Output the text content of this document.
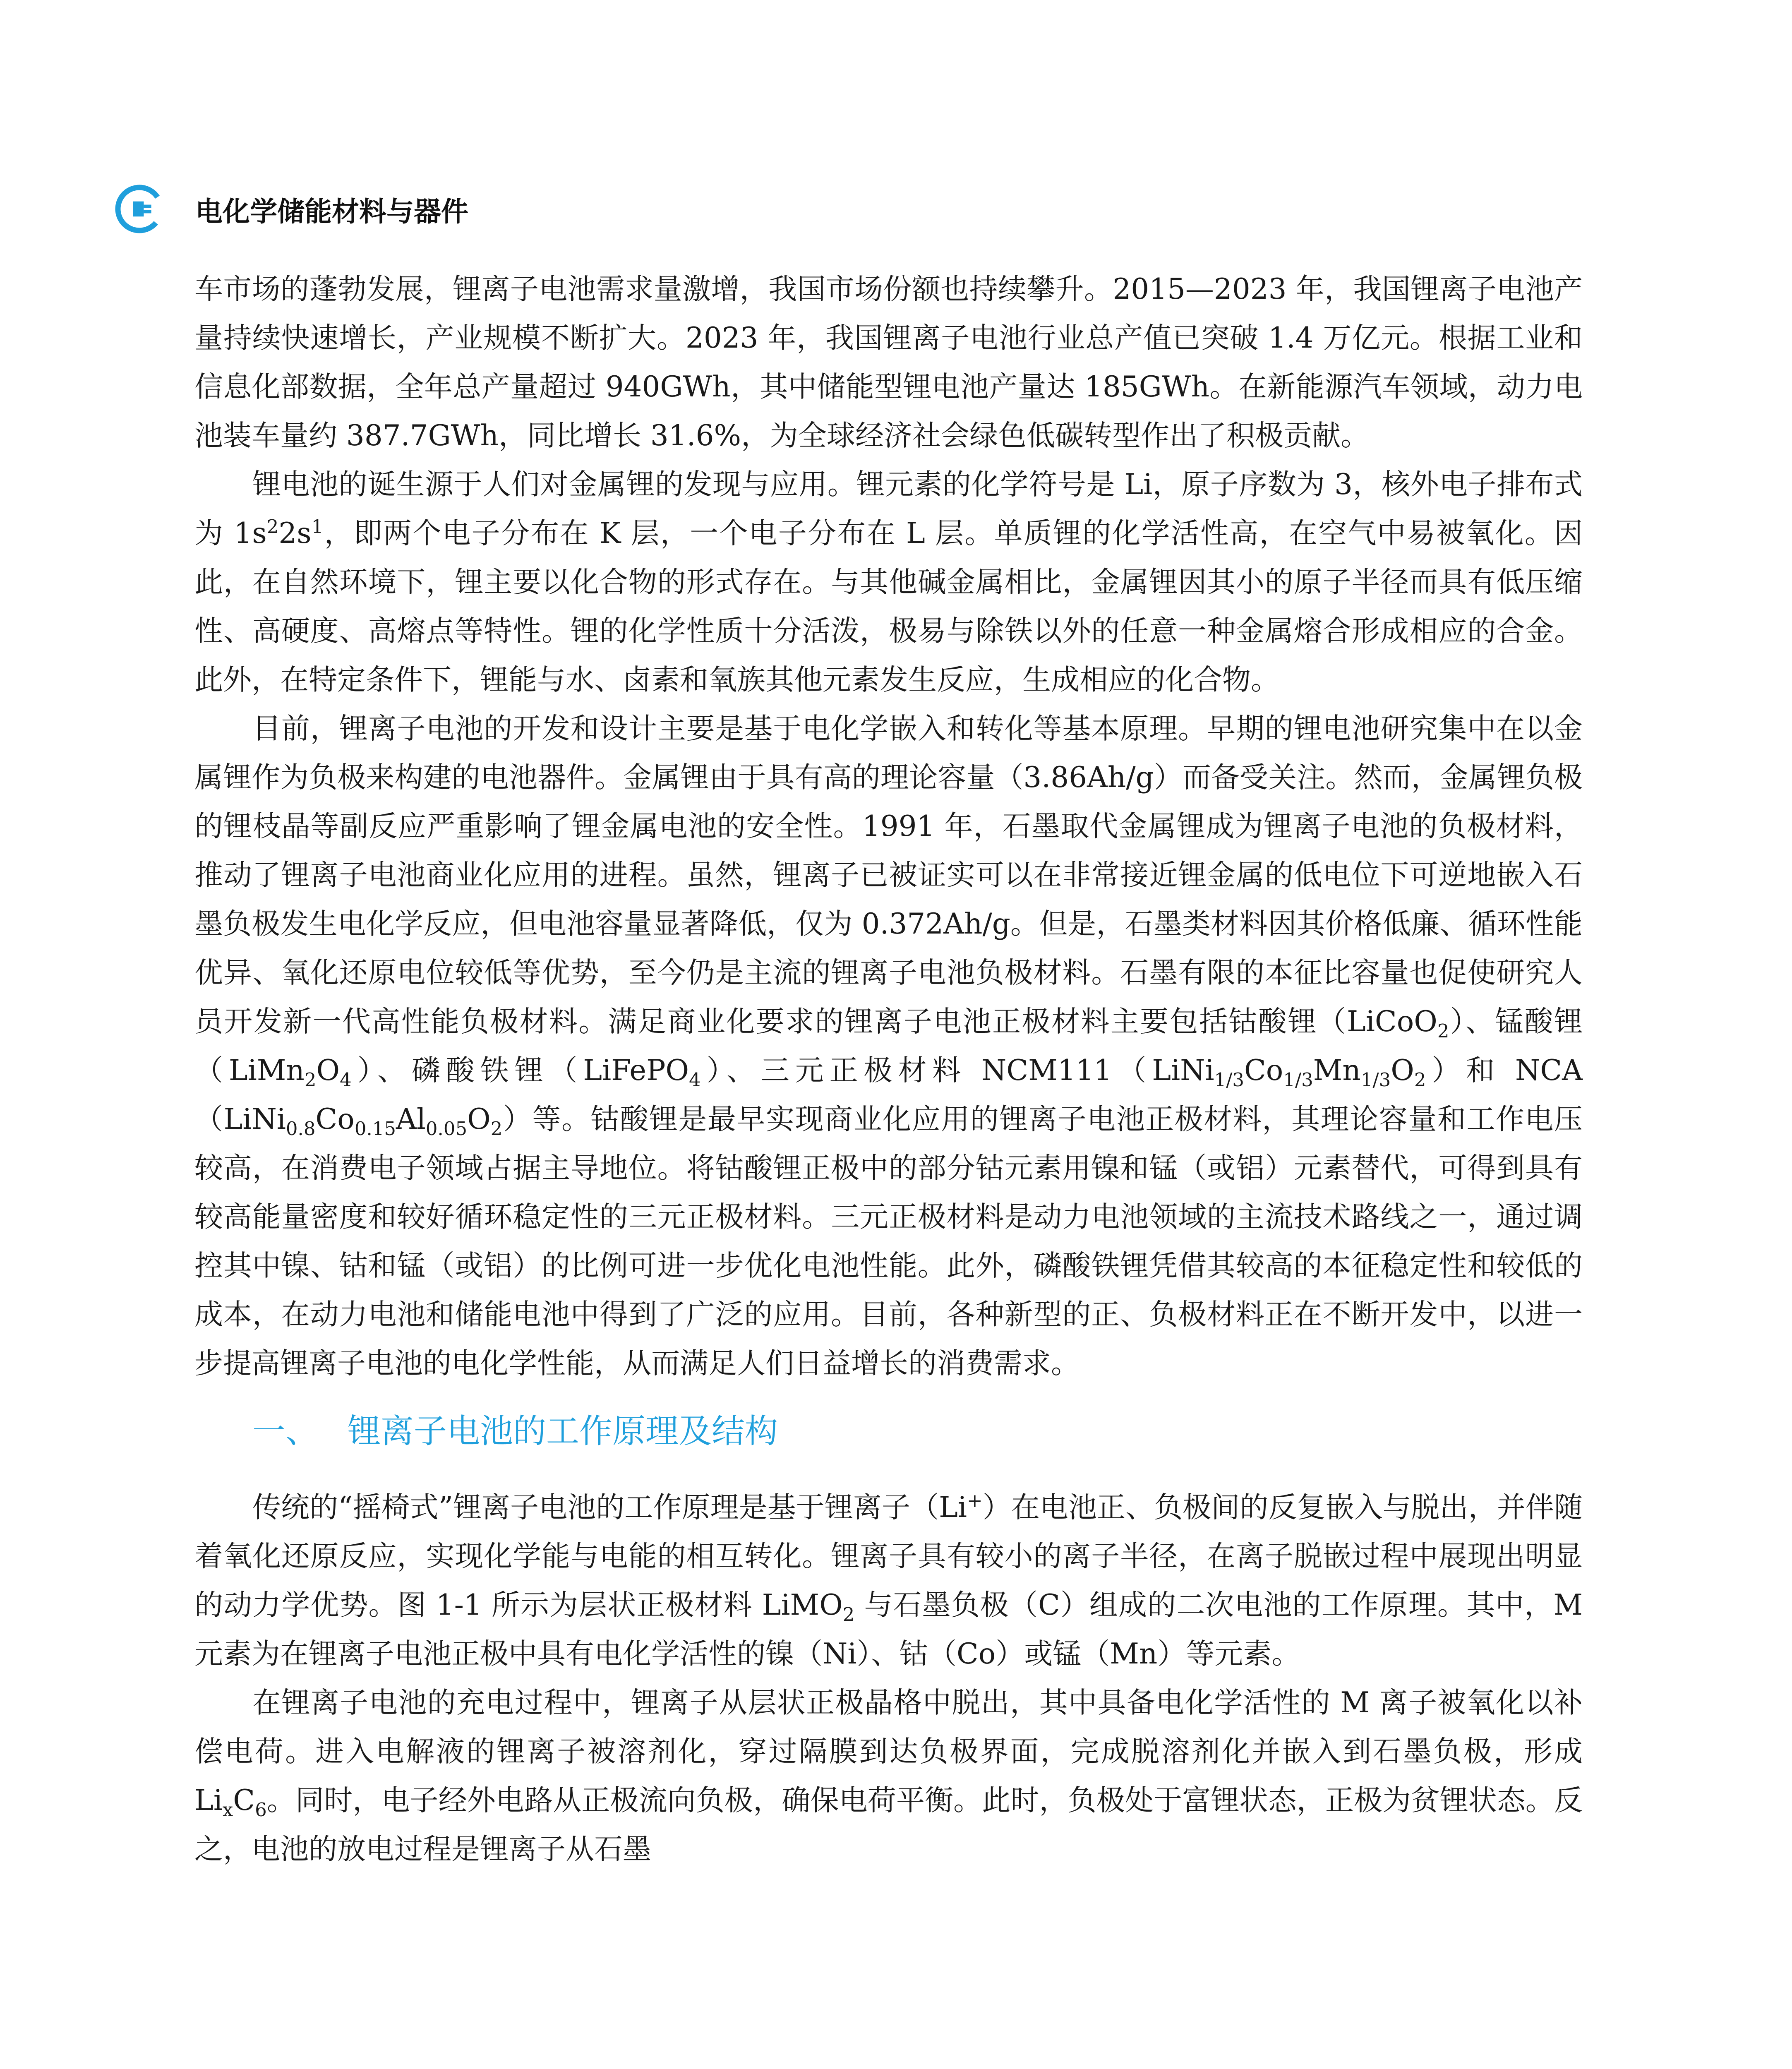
电化学储能材料与器件

车市场的蓬勃发展，锂离子电池需求量激增，我国市场份额也持续攀升。2015—2023 年，我国锂离子电池产量持续快速增长，产业规模不断扩大。2023 年，我国锂离子电池行业总产值已突破 1.4 万亿元。根据工业和信息化部数据，全年总产量超过 940GWh，其中储能型锂电池产量达 185GWh。在新能源汽车领域，动力电池装车量约 387.7GWh，同比增长 31.6%，为全球经济社会绿色低碳转型作出了积极贡献。

锂电池的诞生源于人们对金属锂的发现与应用。锂元素的化学符号是 Li，原子序数为 3，核外电子排布式为 $1s^22s^1$，即两个电子分布在 K 层，一个电子分布在 L 层。单质锂的化学活性高，在空气中易被氧化。因此，在自然环境下，锂主要以化合物的形式存在。与其他碱金属相比，金属锂因其小的原子半径而具有低压缩性、高硬度、高熔点等特性。锂的化学性质十分活泼，极易与除铁以外的任意一种金属熔合形成相应的合金。此外，在特定条件下，锂能与水、卤素和氧族其他元素发生反应，生成相应的化合物。

目前，锂离子电池的开发和设计主要是基于电化学嵌入和转化等基本原理。早期的锂电池研究集中在以金属锂作为负极来构建的电池器件。金属锂由于具有高的理论容量（3.86Ah/g）而备受关注。然而，金属锂负极的锂枝晶等副反应严重影响了锂金属电池的安全性。1991 年，石墨取代金属锂成为锂离子电池的负极材料，推动了锂离子电池商业化应用的进程。虽然，锂离子已被证实可以在非常接近锂金属的低电位下可逆地嵌入石墨负极发生电化学反应，但电池容量显著降低，仅为 0.372Ah/g。但是，石墨类材料因其价格低廉、循环性能优异、氧化还原电位较低等优势，至今仍是主流的锂离子电池负极材料。石墨有限的本征比容量也促使研究人员开发新一代高性能负极材料。满足商业化要求的锂离子电池正极材料主要包括钴酸锂（LiCoO$_2$）、锰酸锂$(LiMn_2O_4)$、磷酸铁锂（LiFePO$_4$）、三元正极材料 $NCM111(LiNi_{1/3}Co_{1/3}Mn_{1/3}O_2)$和 $NCA(LiNi_{0.8}Co_{0.15}Al_{0.05}O_2)$等。钴酸锂是最早实现商业化应用的锂离子电池正极材料，其理论容量和工作电压较高，在消费电子领域占据主导地位。将钴酸锂正极中的部分钴元素用镍和锰（或铝）元素替代，可得到具有较高能量密度和较好循环稳定性的三元正极材料。三元正极材料是动力电池领域的主流技术路线之一，通过调控其中镍、钴和锰（或铝）的比例可进一步优化电池性能。此外，磷酸铁锂凭借其较高的本征稳定性和较低的成本，在动力电池和储能电池中得到了广泛的应用。目前，各种新型的正、负极材料正在不断开发中，以进一步提高锂离子电池的电化学性能，从而满足人们日益增长的消费需求。

一、 锂离子电池的工作原理及结构

传统的“摇椅式”锂离子电池的工作原理是基于锂离子（Li+）在电池正、负极间的反复嵌入与脱出，并伴随着氧化还原反应，实现化学能与电能的相互转化。锂离子具有较小的离子半径，在离子脱嵌过程中展现出明显的动力学优势。图 1-1 所示为层状正极材料 LiMO$_2$ 与石墨负极（C）组成的二次电池的工作原理。其中，M 元素为在锂离子电池正极中具有电化学活性的镍（Ni）、钴（Co）或锰（Mn）等元素。

在锂离子电池的充电过程中，锂离子从层状正极晶格中脱出，其中具备电化学活性的 M 离子被氧化以补偿电荷。进入电解液的锂离子被溶剂化，穿过隔膜到达负极界面，完成脱溶剂化并嵌入到石墨负极，形成 $Li_xC_6$。同时，电子经外电路从正极流向负极，确保电荷平衡。此时，负极处于富锂状态，正极为贫锂状态。反之，电池的放电过程是锂离子从石墨
